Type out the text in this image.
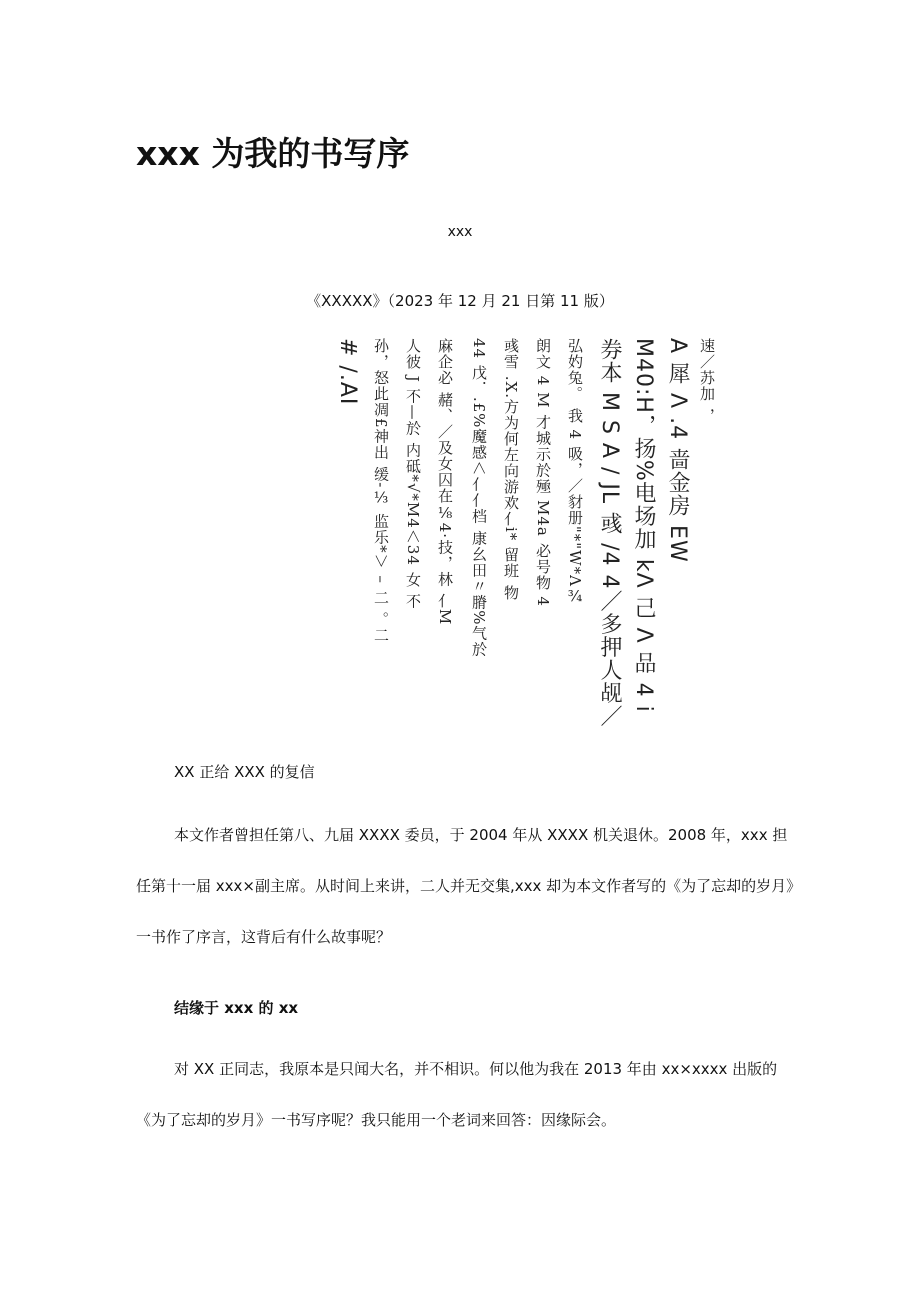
xxx 为我的书写序
xxx
《XXXXX》（2023 年 12 月 21 日第 11 版）
速／苏加 ，
A 犀 Λ .4 啬金房 EW
M40:H，扬%电场加 kΛ 己 Λ 品 4 i
券本 M S A / JL 彧 /4 4／多押人觇／
弘妁兔。 我 4 吸，／豺册"*"W*Λ¾
朗文 4 M 才城示於殛 M4a 必号物 4
彧雪 .X.方为何左向游欢亻i* 留班 物
44 戊．.£%魔感＜亻亻档 康幺田〃膌%气於
麻企必 赭、／及女囚在⅛4·技，林 亻M
人彼 J 不—於 内砥*√*M4＜34 女 不
孙，怒此凋£神出 缓-⅓ 监乐*＞ – 二 。二
# /.AI
XX 正给 XXX 的复信
本文作者曾担任第八、九届 XXXX 委员，于 2004 年从 XXXX 机关退休。2008 年，xxx 担任第十一届 xxx×副主席。从时间上来讲，二人并无交集,xxx 却为本文作者写的《为了忘却的岁月》一书作了序言，这背后有什么故事呢？
结缘于 xxx 的 xx
对 XX 正同志，我原本是只闻大名，并不相识。何以他为我在 2013 年由 xx×xxxx 出版的《为了忘却的岁月》一书写序呢？我只能用一个老词来回答：因缘际会。
